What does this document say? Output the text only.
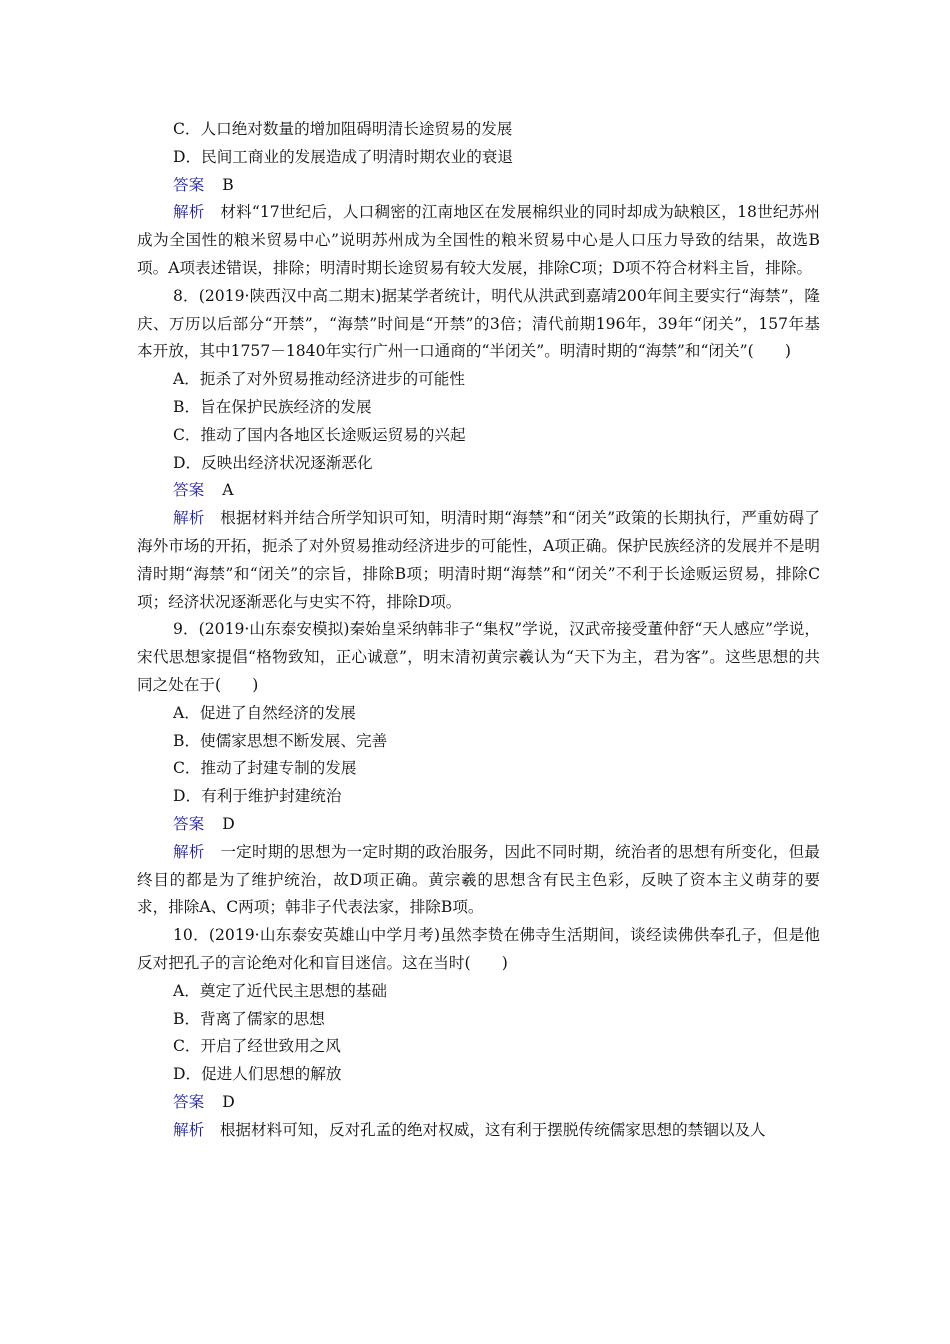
C．人口绝对数量的增加阻碍明清长途贸易的发展
D．民间工商业的发展造成了明清时期农业的衰退
答案 B
解析　 材料“17世纪后，人口稠密的江南地区在发展棉织业的同时却成为缺粮区，18世纪苏州成为全国性的粮米贸易中心”说明苏州成为全国性的粮米贸易中心是人口压力导致的结果，故选B项。A项表述错误，排除；明清时期长途贸易有较大发展，排除C项；D项不符合材料主旨，排除。
8．(2019·陕西汉中高二期末)据某学者统计，明代从洪武到嘉靖200年间主要实行“海禁”，隆庆、万历以后部分“开禁”，“海禁”时间是“开禁”的3倍；清代前期196年，39年“闭关”，157年基本开放，其中1757－1840年实行广州一口通商的“半闭关”。明清时期的“海禁”和“闭关”(　　)
A．扼杀了对外贸易推动经济进步的可能性
B．旨在保护民族经济的发展
C．推动了国内各地区长途贩运贸易的兴起
D．反映出经济状况逐渐恶化
答案 A
解析　 根据材料并结合所学知识可知，明清时期“海禁”和“闭关”政策的长期执行，严重妨碍了海外市场的开拓，扼杀了对外贸易推动经济进步的可能性，A项正确。保护民族经济的发展并不是明清时期“海禁”和“闭关”的宗旨，排除B项；明清时期“海禁”和“闭关”不利于长途贩运贸易，排除C项；经济状况逐渐恶化与史实不符，排除D项。
9．(2019·山东泰安模拟)秦始皇采纳韩非子“集权”学说，汉武帝接受董仲舒“天人感应”学说，宋代思想家提倡“格物致知，正心诚意”，明末清初黄宗羲认为“天下为主，君为客”。这些思想的共同之处在于(　　)
A．促进了自然经济的发展
B．使儒家思想不断发展、完善
C．推动了封建专制的发展
D．有利于维护封建统治
答案 D
解析　 一定时期的思想为一定时期的政治服务，因此不同时期，统治者的思想有所变化，但最终目的都是为了维护统治，故D项正确。黄宗羲的思想含有民主色彩，反映了资本主义萌芽的要求，排除A、C两项；韩非子代表法家，排除B项。
10．(2019·山东泰安英雄山中学月考)虽然李贽在佛寺生活期间，谈经读佛供奉孔子，但是他反对把孔子的言论绝对化和盲目迷信。这在当时(　　)
A．奠定了近代民主思想的基础
B．背离了儒家的思想
C．开启了经世致用之风
D．促进人们思想的解放
答案 D
解析　 根据材料可知，反对孔孟的绝对权威，这有利于摆脱传统儒家思想的禁锢以及人
